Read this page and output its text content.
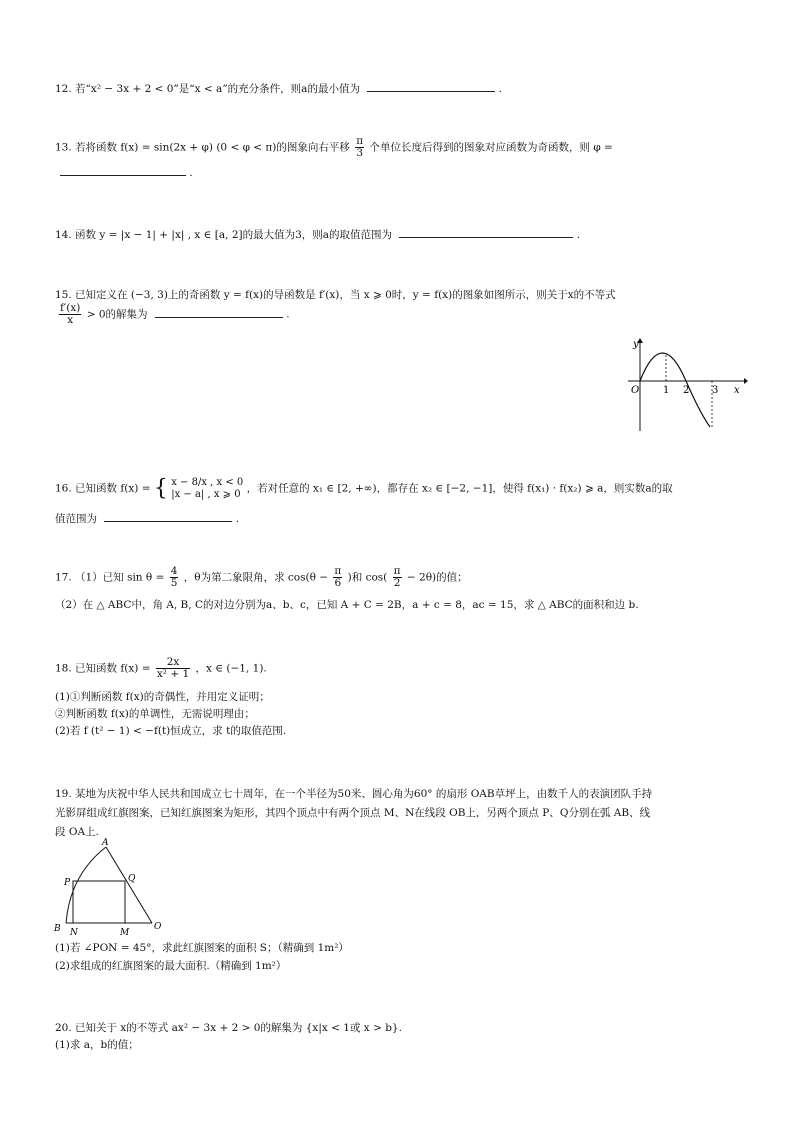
12. 若“x² − 3x + 2 < 0”是“x < a”的充分条件，则a的最小值为	.
13. 若将函数 f(x) = sin(2x + φ) (0 < φ < π)的图象向右平移 $\frac{\pi}{3}$ 个单位长度后得到的图象对应函数为奇函数，则 φ =
.
14. 函数 y = |x − 1| + |x| , x ∈ [a, 2]的最大值为3，则a的取值范围为	.
15. 已知定义在 (−3, 3)上的奇函数 y = f(x)的导函数是 f′(x)，当 x ⩾ 0时，y = f(x)的图象如图所示，则关于x的不等式
$\frac{f'(x)}{x} > 0$的解集为	.
y
x
O 1 2 3
16. 已知函数 f(x) = { x − 8/x , x < 0
|x − a| , x ⩾ 0 ，若对任意的 x₁ ∈ [2, +∞)，都存在 x₂ ∈ [−2, −1]，使得 f(x₁) · f(x₂) ⩾ a，则实数a的取
值范围为	.
17. （1）已知 $\sin \theta = \frac{4}{5}$ ，θ为第二象限角，求 $\cos(\theta - \frac{\pi}{6}$ )和 $\cos( \frac{\pi}{2} - 2\theta)$的值；
（2）在 △ ABC中，角 A, B, C的对边分别为a、b、c，已知 A + C = 2B，a + c = 8，ac = 15，求 △ ABC的面积和边 b.
18. 已知函数 $f(x) = \frac{2x}{\text{x² + 1}}$ ，x ∈ (−1, 1).
(1)①判断函数 f(x)的奇偶性，并用定义证明；
②判断函数 f(x)的单调性，无需说明理由；
(2)若 f (t² − 1) < −f(t)恒成立，求 t的取值范围.
19. 某地为庆祝中华人民共和国成立七十周年，在一个半径为50米、圆心角为60° 的扇形 OAB草坪上，由数千人的表演团队手持
光影屏组成红旗图案，已知红旗图案为矩形，其四个顶点中有两个顶点 M、N在线段 OB上，另两个顶点 P、Q分别在弧 AB、线
段 OA上.
A
B	O
P	Q
N	M
(1)若 ∠PON = 45°，求此红旗图案的面积 S；（精确到 1m²）
(2)求组成的红旗图案的最大面积.（精确到 1m²）
20. 已知关于 x的不等式 ax² − 3x + 2 > 0的解集为 {x|x < 1或 x > b}.
(1)求 a，b的值；
